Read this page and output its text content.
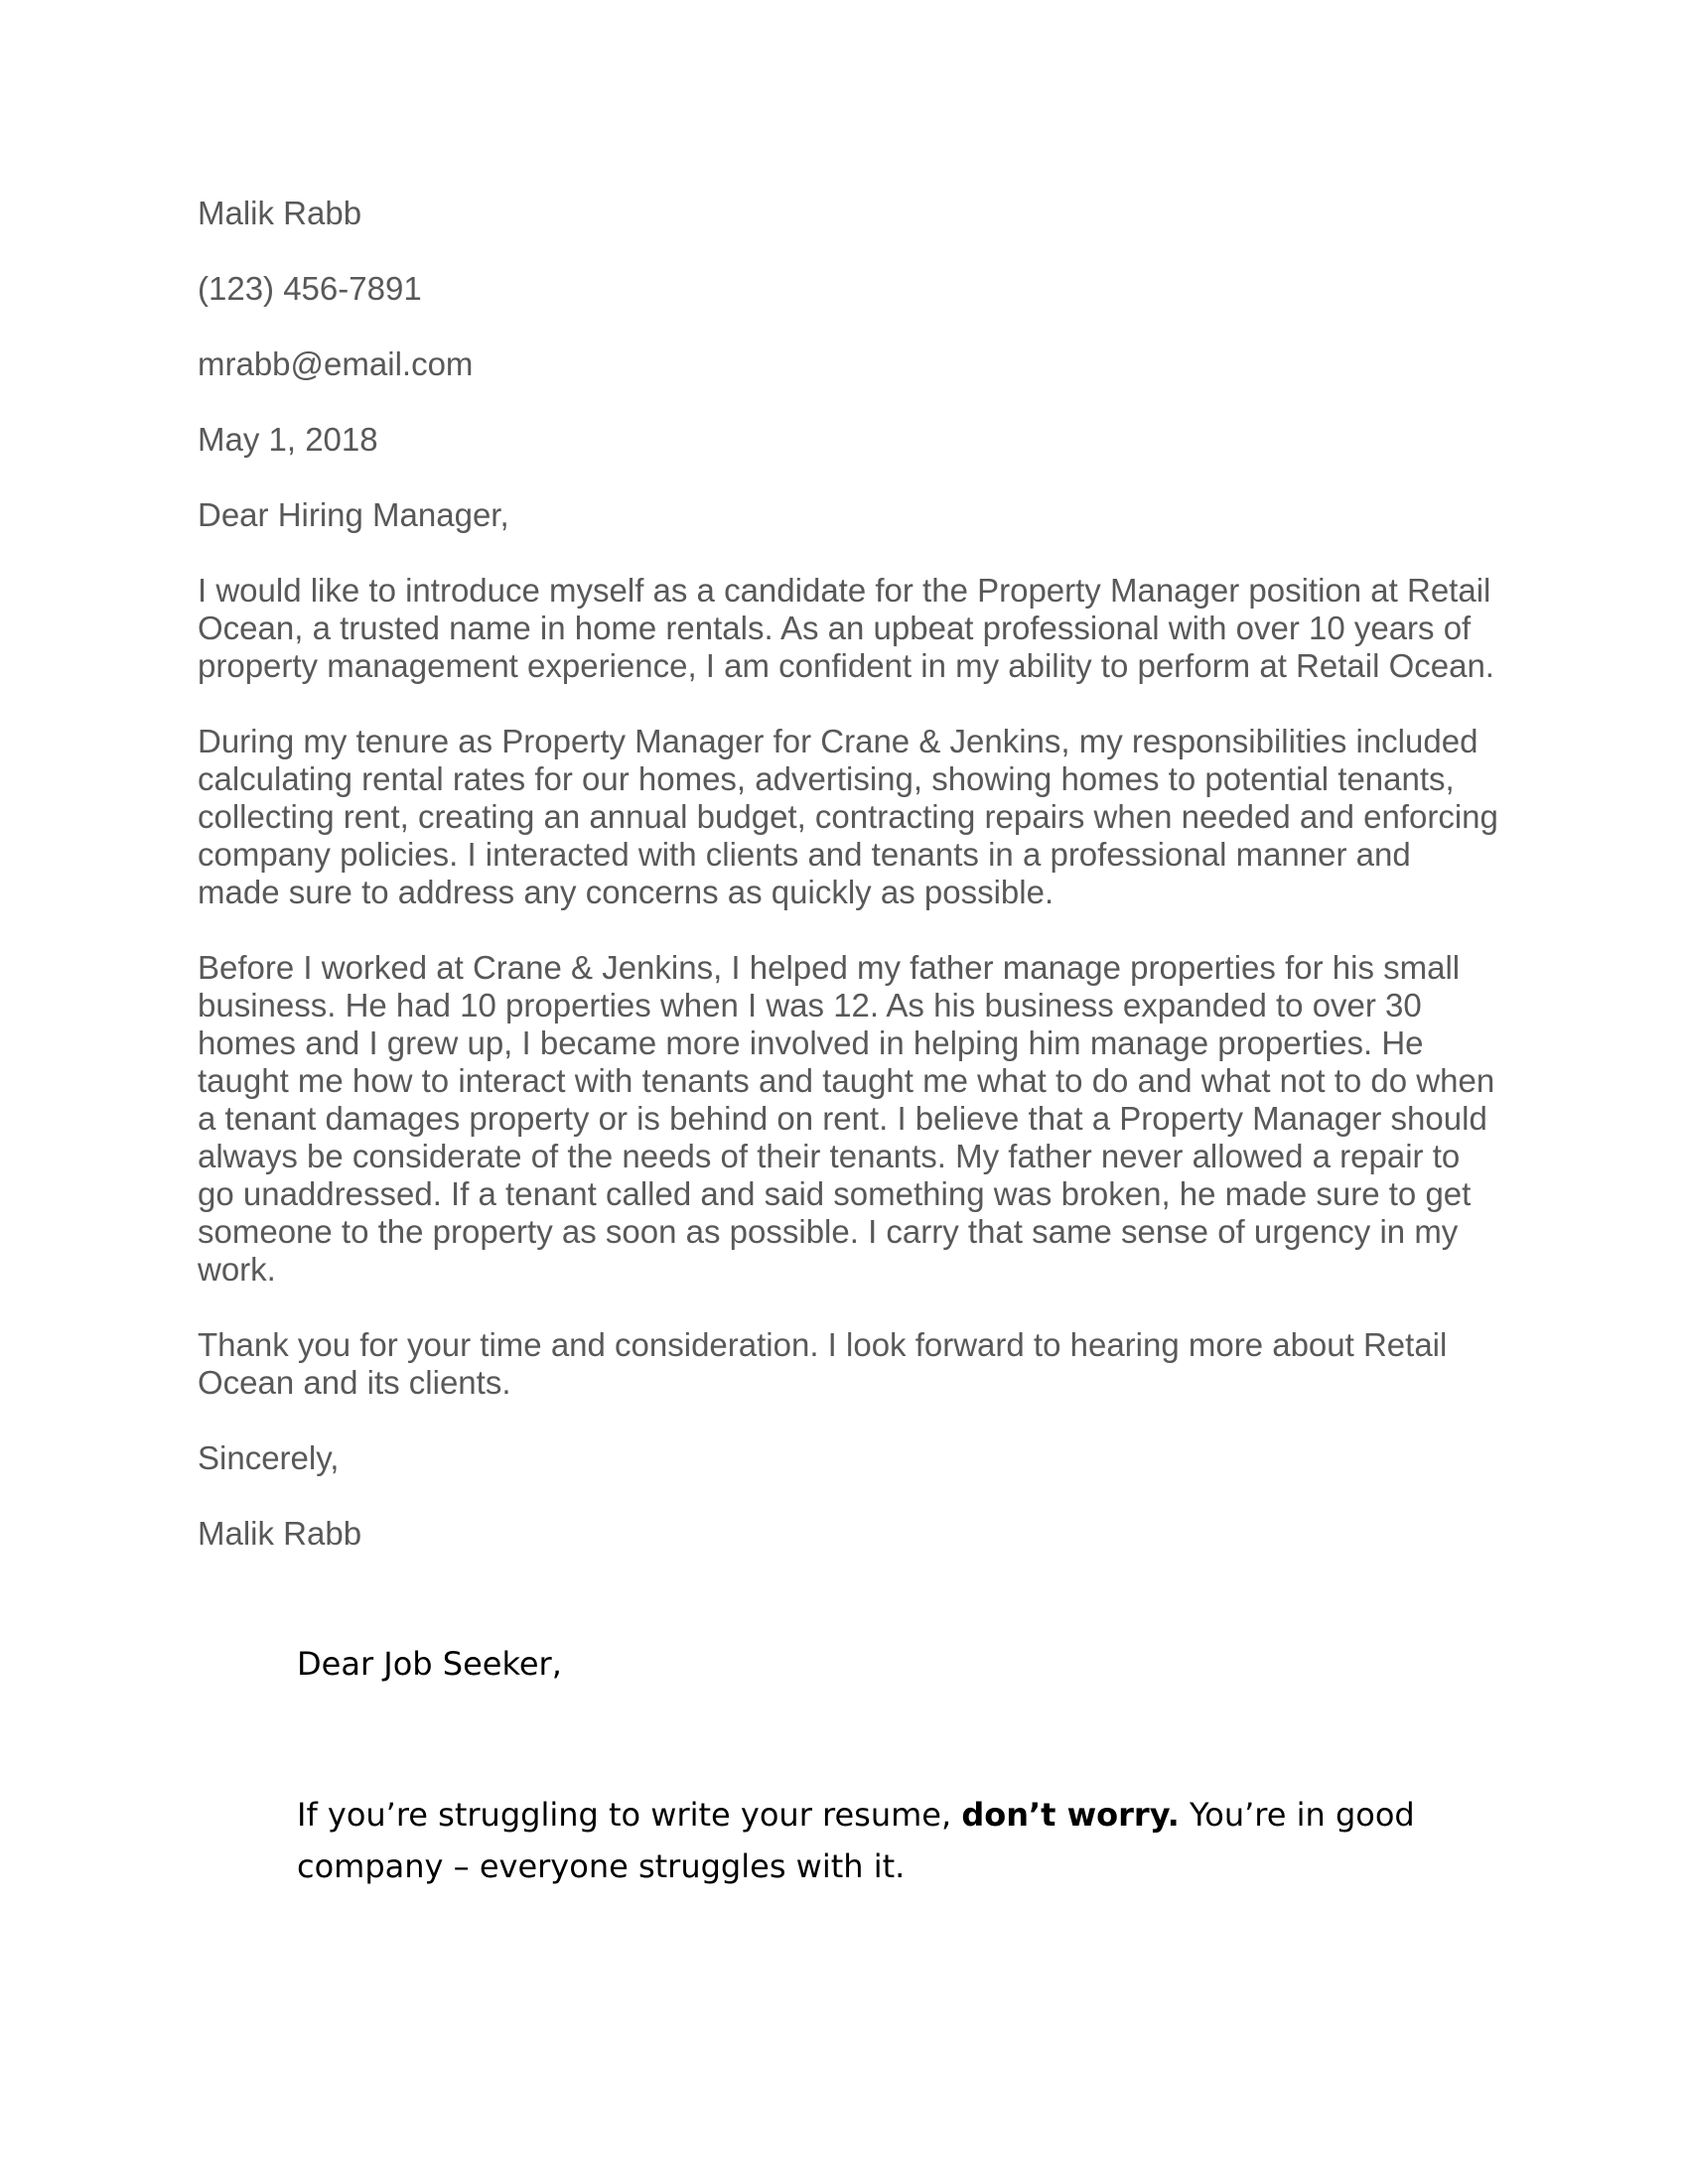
Malik Rabb

(123) 456-7891

mrabb@email.com

May 1, 2018

Dear Hiring Manager,

I would like to introduce myself as a candidate for the Property Manager position at Retail Ocean, a trusted name in home rentals. As an upbeat professional with over 10 years of property management experience, I am confident in my ability to perform at Retail Ocean.

During my tenure as Property Manager for Crane & Jenkins, my responsibilities included calculating rental rates for our homes, advertising, showing homes to potential tenants, collecting rent, creating an annual budget, contracting repairs when needed and enforcing company policies. I interacted with clients and tenants in a professional manner and made sure to address any concerns as quickly as possible.

Before I worked at Crane & Jenkins, I helped my father manage properties for his small business. He had 10 properties when I was 12. As his business expanded to over 30 homes and I grew up, I became more involved in helping him manage properties. He taught me how to interact with tenants and taught me what to do and what not to do when a tenant damages property or is behind on rent. I believe that a Property Manager should always be considerate of the needs of their tenants. My father never allowed a repair to go unaddressed. If a tenant called and said something was broken, he made sure to get someone to the property as soon as possible. I carry that same sense of urgency in my work.

Thank you for your time and consideration. I look forward to hearing more about Retail Ocean and its clients.

Sincerely,

Malik Rabb

Dear Job Seeker,

If you’re struggling to write your resume, don’t worry. You’re in good company – everyone struggles with it.
